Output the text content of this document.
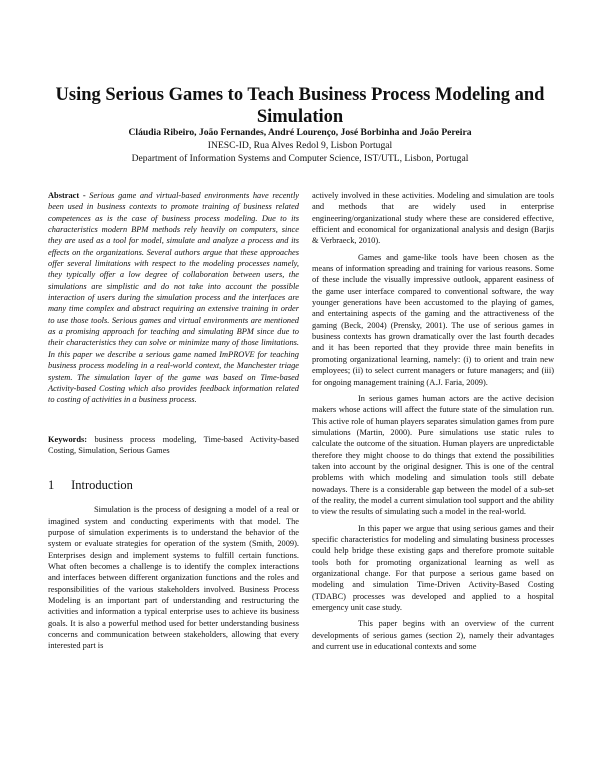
Using Serious Games to Teach Business Process Modeling and Simulation
Cláudia Ribeiro, João Fernandes, André Lourenço, José Borbinha and João Pereira
INESC-ID, Rua Alves Redol 9, Lisbon Portugal
Department of Information Systems and Computer Science, IST/UTL, Lisbon, Portugal

Abstract - Serious game and virtual-based environments have recently been used in business contexts to promote training of business related competences as is the case of business process modeling. Due to its characteristics modern BPM methods rely heavily on computers, since they are used as a tool for model, simulate and analyze a process and its effects on the organizations. Several authors argue that these approaches offer several limitations with respect to the modeling processes namely, they typically offer a low degree of collaboration between users, the simulations are simplistic and do not take into account the possible interaction of users during the simulation process and the interfaces are many time complex and abstract requiring an extensive training in order to use those tools. Serious games and virtual environments are mentioned as a promising approach for teaching and simulating BPM since due to their characteristics they can solve or minimize many of those limitations. In this paper we describe a serious game named ImPROVE for teaching business process modeling in a real-world context, the Manchester triage system. The simulation layer of the game was based on Time-based Activity-based Costing which also provides feedback information related to costing of activities in a business process.

Keywords: business process modeling, Time-based Activity-based Costing, Simulation, Serious Games

1 Introduction

Simulation is the process of designing a model of a real or imagined system and conducting experiments with that model. The purpose of simulation experiments is to understand the behavior of the system or evaluate strategies for operation of the system (Smith, 2009). Enterprises design and implement systems to fulfill certain functions. What often becomes a challenge is to identify the complex interactions and interfaces between different organization functions and the roles and responsibilities of the various stakeholders involved. Business Process Modeling is an important part of understanding and restructuring the activities and information a typical enterprise uses to achieve its business goals. It is also a powerful method used for better understanding business concerns and communication between stakeholders, allowing that every interested part is

actively involved in these activities. Modeling and simulation are tools and methods that are widely used in enterprise engineering/organizational study where these are considered effective, efficient and economical for organizational analysis and design (Barjis & Verbraeck, 2010).

Games and game-like tools have been chosen as the means of information spreading and training for various reasons. Some of these include the visually impressive outlook, apparent easiness of the game user interface compared to conventional software, the way younger generations have been accustomed to the playing of games, and entertaining aspects of the gaming and the attractiveness of the gaming (Beck, 2004) (Prensky, 2001). The use of serious games in business contexts has grown dramatically over the last fourth decades and it has been reported that they provide three main benefits in promoting organizational learning, namely: (i) to orient and train new employees; (ii) to select current managers or future managers; and (iii) for ongoing management training (A.J. Faria, 2009).

In serious games human actors are the active decision makers whose actions will affect the future state of the simulation run. This active role of human players separates simulation games from pure simulations (Martin, 2000). Pure simulations use static rules to calculate the outcome of the situation. Human players are unpredictable therefore they might choose to do things that extend the possibilities taken into account by the original designer. This is one of the central problems with which modeling and simulation tools still debate nowadays. There is a considerable gap between the model of a sub-set of the reality, the model a current simulation tool support and the ability to view the results of simulating such a model in the real-world.

In this paper we argue that using serious games and their specific characteristics for modeling and simulating business processes could help bridge these existing gaps and therefore promote suitable tools both for promoting organizational learning as well as organizational change. For that purpose a serious game based on modeling and simulation Time-Driven Activity-Based Costing (TDABC) processes was developed and applied to a hospital emergency unit case study.

This paper begins with an overview of the current developments of serious games (section 2), namely their advantages and current use in educational contexts and some
